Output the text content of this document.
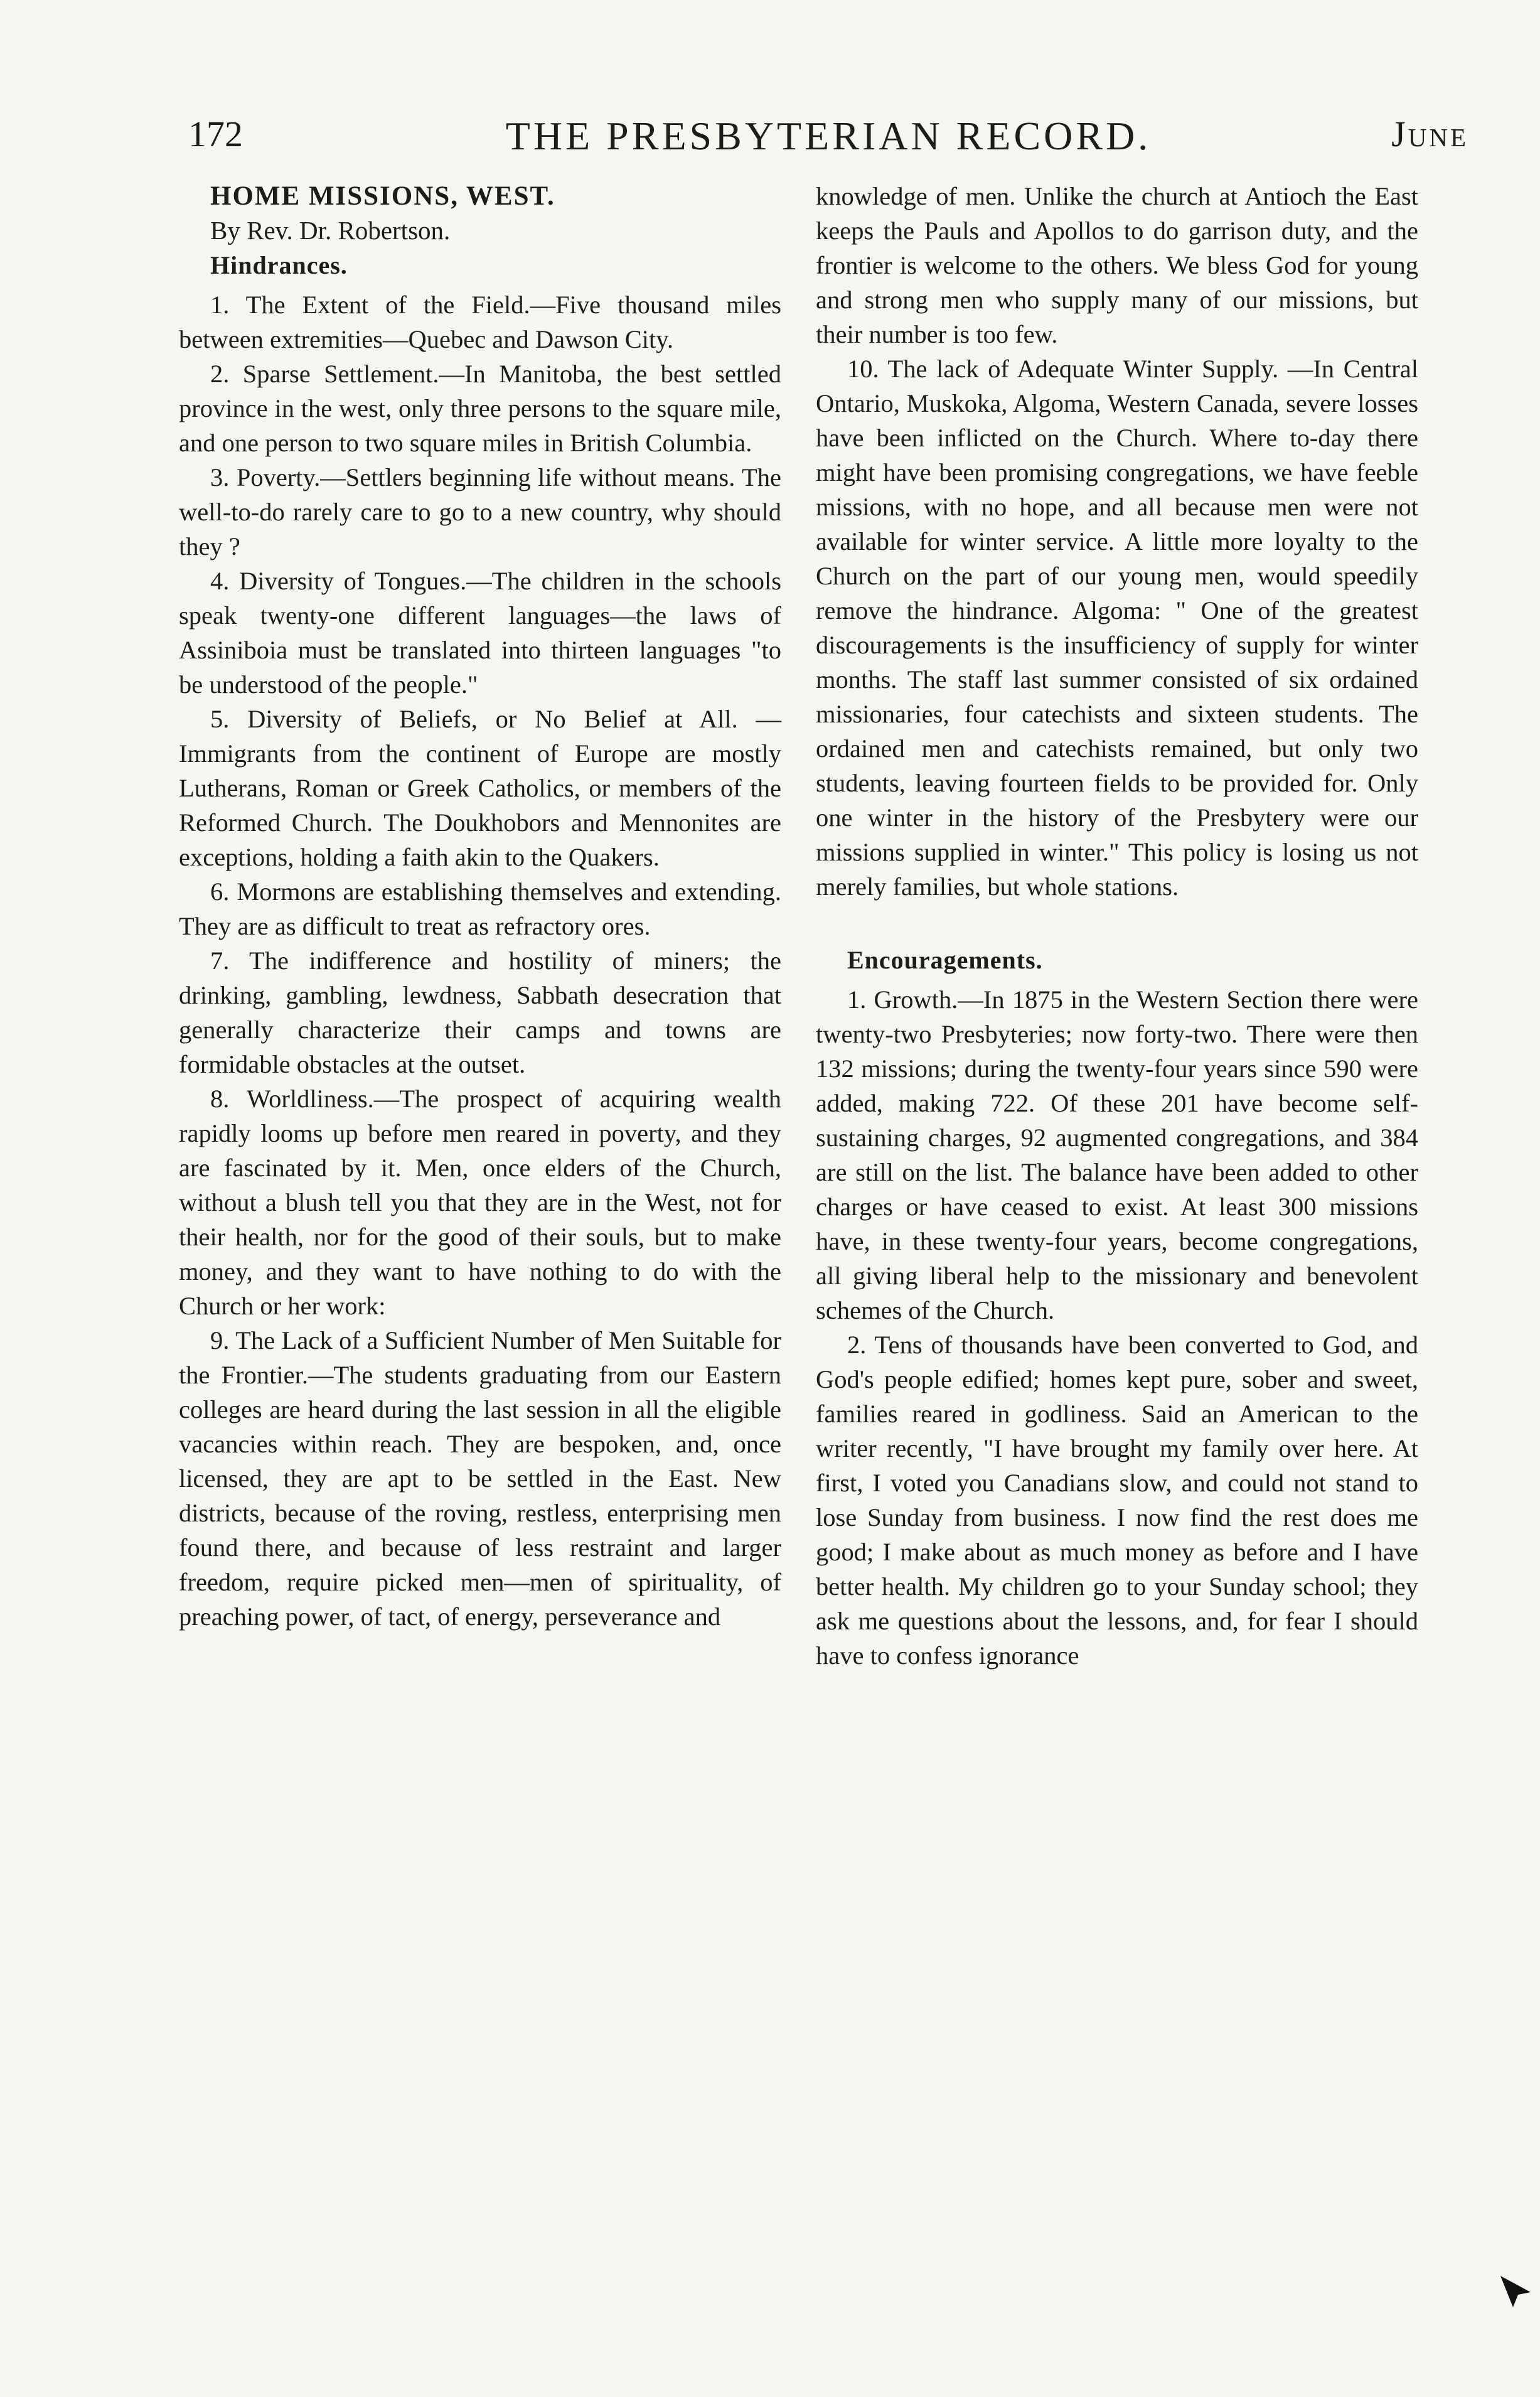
172	THE PRESBYTERIAN RECORD.	June

HOME MISSIONS, WEST.

By Rev. Dr. Robertson.

Hindrances.

1. The Extent of the Field.—Five thousand miles between extremities—Quebec and Dawson City.

2. Sparse Settlement.—In Manitoba, the best settled province in the west, only three persons to the square mile, and one person to two square miles in British Columbia.

3. Poverty.—Settlers beginning life without means. The well-to-do rarely care to go to a new country, why should they ?

4. Diversity of Tongues.—The children in the schools speak twenty-one different languages—the laws of Assiniboia must be translated into thirteen languages "to be understood of the people."

5. Diversity of Beliefs, or No Belief at All. —Immigrants from the continent of Europe are mostly Lutherans, Roman or Greek Catholics, or members of the Reformed Church. The Doukhobors and Mennonites are exceptions, holding a faith akin to the Quakers.

6. Mormons are establishing themselves and extending. They are as difficult to treat as refractory ores.

7. The indifference and hostility of miners; the drinking, gambling, lewdness, Sabbath desecration that generally characterize their camps and towns are formidable obstacles at the outset.

8. Worldliness.—The prospect of acquiring wealth rapidly looms up before men reared in poverty, and they are fascinated by it. Men, once elders of the Church, without a blush tell you that they are in the West, not for their health, nor for the good of their souls, but to make money, and they want to have nothing to do with the Church or her work:

9. The Lack of a Sufficient Number of Men Suitable for the Frontier.—The students graduating from our Eastern colleges are heard during the last session in all the eligible vacancies within reach. They are bespoken, and, once licensed, they are apt to be settled in the East. New districts, because of the roving, restless, enterprising men found there, and because of less restraint and larger freedom, require picked men—men of spirituality, of preaching power, of tact, of energy, perseverance and

knowledge of men. Unlike the church at Antioch the East keeps the Pauls and Apollos to do garrison duty, and the frontier is welcome to the others. We bless God for young and strong men who supply many of our missions, but their number is too few.

10. The lack of Adequate Winter Supply. —In Central Ontario, Muskoka, Algoma, Western Canada, severe losses have been inflicted on the Church. Where to-day there might have been promising congregations, we have feeble missions, with no hope, and all because men were not available for winter service. A little more loyalty to the Church on the part of our young men, would speedily remove the hindrance. Algoma: " One of the greatest discouragements is the insufficiency of supply for winter months. The staff last summer consisted of six ordained missionaries, four catechists and sixteen students. The ordained men and catechists remained, but only two students, leaving fourteen fields to be provided for. Only one winter in the history of the Presbytery were our missions supplied in winter." This policy is losing us not merely families, but whole stations.

Encouragements.

1. Growth.—In 1875 in the Western Section there were twenty-two Presbyteries; now forty-two. There were then 132 missions; during the twenty-four years since 590 were added, making 722. Of these 201 have become self-sustaining charges, 92 augmented congregations, and 384 are still on the list. The balance have been added to other charges or have ceased to exist. At least 300 missions have, in these twenty-four years, become congregations, all giving liberal help to the missionary and benevolent schemes of the Church.

2. Tens of thousands have been converted to God, and God's people edified; homes kept pure, sober and sweet, families reared in godliness. Said an American to the writer recently, "I have brought my family over here. At first, I voted you Canadians slow, and could not stand to lose Sunday from business. I now find the rest does me good; I make about as much money as before and I have better health. My children go to your Sunday school; they ask me questions about the lessons, and, for fear I should have to confess ignorance
